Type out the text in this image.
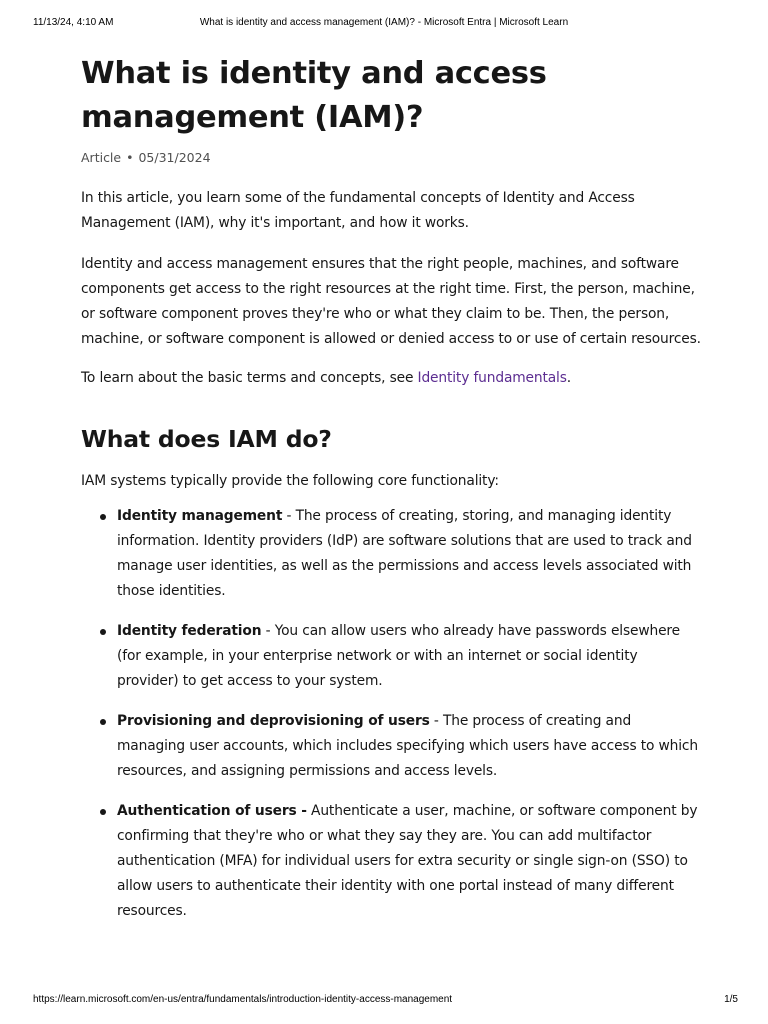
11/13/24, 4:10 AM	What is identity and access management (IAM)? - Microsoft Entra | Microsoft Learn
What is identity and access management (IAM)?
Article • 05/31/2024

In this article, you learn some of the fundamental concepts of Identity and Access Management (IAM), why it's important, and how it works.

Identity and access management ensures that the right people, machines, and software components get access to the right resources at the right time. First, the person, machine, or software component proves they're who or what they claim to be. Then, the person, machine, or software component is allowed or denied access to or use of certain resources.

To learn about the basic terms and concepts, see Identity fundamentals.

What does IAM do?

IAM systems typically provide the following core functionality:

Identity management - The process of creating, storing, and managing identity information. Identity providers (IdP) are software solutions that are used to track and manage user identities, as well as the permissions and access levels associated with those identities.
Identity federation - You can allow users who already have passwords elsewhere (for example, in your enterprise network or with an internet or social identity provider) to get access to your system.
Provisioning and deprovisioning of users - The process of creating and managing user accounts, which includes specifying which users have access to which resources, and assigning permissions and access levels.
Authentication of users - Authenticate a user, machine, or software component by confirming that they're who or what they say they are. You can add multifactor authentication (MFA) for individual users for extra security or single sign-on (SSO) to allow users to authenticate their identity with one portal instead of many different resources.
https://learn.microsoft.com/en-us/entra/fundamentals/introduction-identity-access-management	1/5
